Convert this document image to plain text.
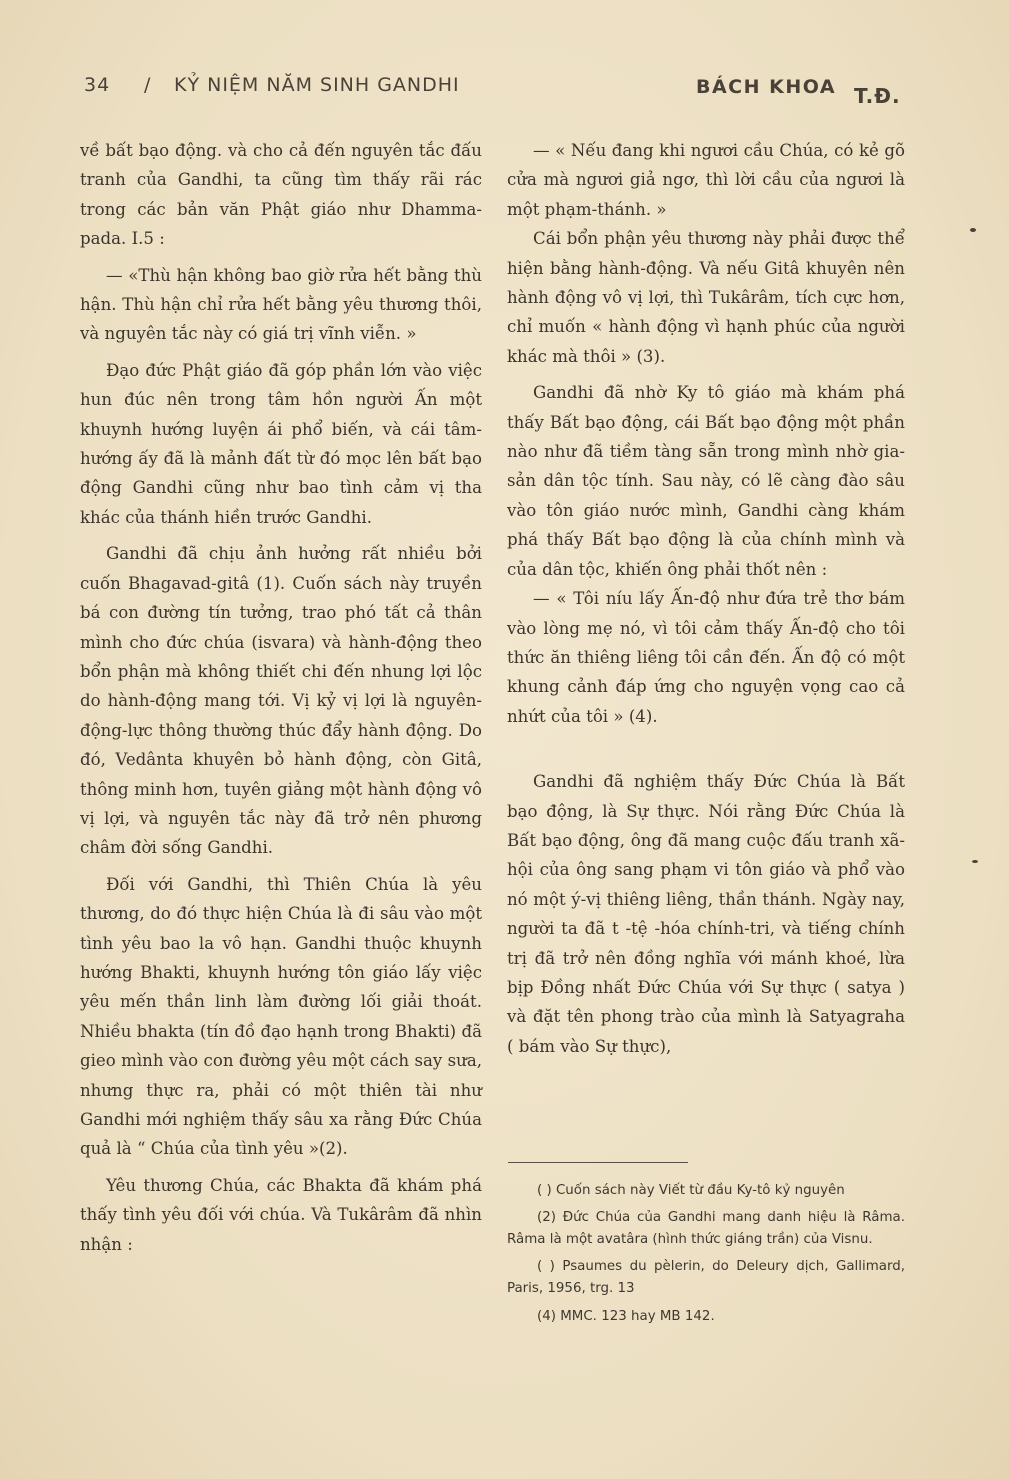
34 / KỶ NIỆM NĂM SINH GANDHI	BÁCH KHOA T.Đ.

về bất bạo động. và cho cả đến nguyên tắc đấu tranh của Gandhi, ta cũng tìm thấy rãi rác trong các bản văn Phật giáo như Dhamma-pada. I.5 :

— «Thù hận không bao giờ rửa hết bằng thù hận. Thù hận chỉ rửa hết bằng yêu thương thôi, và nguyên tắc này có giá trị vĩnh viễn. »

Đạo đức Phật giáo đã góp phần lớn vào việc hun đúc nên trong tâm hồn người Ấn một khuynh hướng luyện ái phổ biến, và cái tâm-hướng ấy đã là mảnh đất từ đó mọc lên bất bạo động Gandhi cũng như bao tình cảm vị tha khác của thánh hiền trước Gandhi.

Gandhi đã chịu ảnh hưởng rất nhiều bởi cuốn Bhagavad-gitâ (1). Cuốn sách này truyền bá con đường tín tưởng, trao phó tất cả thân mình cho đức chúa (isvara) và hành-động theo bổn phận mà không thiết chi đến nhung lợi lộc do hành-động mang tới. Vị kỷ vị lợi là nguyên-động-lực thông thường thúc đẩy hành động. Do đó, Vedânta khuyên bỏ hành động, còn Gitâ, thông minh hơn, tuyên giảng một hành động vô vị lợi, và nguyên tắc này đã trở nên phương châm đời sống Gandhi.

Đối với Gandhi, thì Thiên Chúa là yêu thương, do đó thực hiện Chúa là đi sâu vào một tình yêu bao la vô hạn. Gandhi thuộc khuynh hướng Bhakti, khuynh hướng tôn giáo lấy việc yêu mến thần linh làm đường lối giải thoát. Nhiều bhakta (tín đồ đạo hạnh trong Bhakti) đã gieo mình vào con đường yêu một cách say sưa, nhưng thực ra, phải có một thiên tài như Gandhi mới nghiệm thấy sâu xa rằng Đức Chúa quả là “ Chúa của tình yêu »(2).

Yêu thương Chúa, các Bhakta đã khám phá thấy tình yêu đối với chúa. Và Tukârâm đã nhìn nhận :

— « Nếu đang khi ngươi cầu Chúa, có kẻ gõ cửa mà ngươi giả ngơ, thì lời cầu của ngươi là một phạm-thánh. »

Cái bổn phận yêu thương này phải được thể hiện bằng hành-động. Và nếu Gitâ khuyên nên hành động vô vị lợi, thì Tukârâm, tích cực hơn, chỉ muốn « hành động vì hạnh phúc của người khác mà thôi » (3).

Gandhi đã nhờ Ky tô giáo mà khám phá thấy Bất bạo động, cái Bất bạo động một phần nào như đã tiềm tàng sẵn trong mình nhờ gia-sản dân tộc tính. Sau này, có lẽ càng đào sâu vào tôn giáo nước mình, Gandhi càng khám phá thấy Bất bạo động là của chính mình và của dân tộc, khiến ông phải thốt nên :

— « Tôi níu lấy Ấn-độ như đứa trẻ thơ bám vào lòng mẹ nó, vì tôi cảm thấy Ấn-độ cho tôi thức ăn thiêng liêng tôi cần đến. Ấn độ có một khung cảnh đáp ứng cho nguyện vọng cao cả nhứt của tôi » (4).

Gandhi đã nghiệm thấy Đức Chúa là Bất bạo động, là Sự thực. Nói rằng Đức Chúa là Bất bạo động, ông đã mang cuộc đấu tranh xã-hội của ông sang phạm vi tôn giáo và phổ vào nó một ý-vị thiêng liêng, thần thánh. Ngày nay, người ta đã t -tệ -hóa chính-tri, và tiếng chính trị đã trở nên đồng nghĩa với mánh khoé, lừa bịp Đồng nhất Đức Chúa với Sự thực ( satya ) và đặt tên phong trào của mình là Satyagraha ( bám vào Sự thực),

( ) Cuốn sách này Viết từ đầu Ky-tô kỷ nguyên

(2) Đức Chúa của Gandhi mang danh hiệu là Râma. Râma là một avatâra (hình thức giáng trần) của Visnu.

( ) Psaumes du pèlerin, do Deleury dịch, Gallimard, Paris, 1956, trg. 13

(4) MMC. 123 hay MB 142.
